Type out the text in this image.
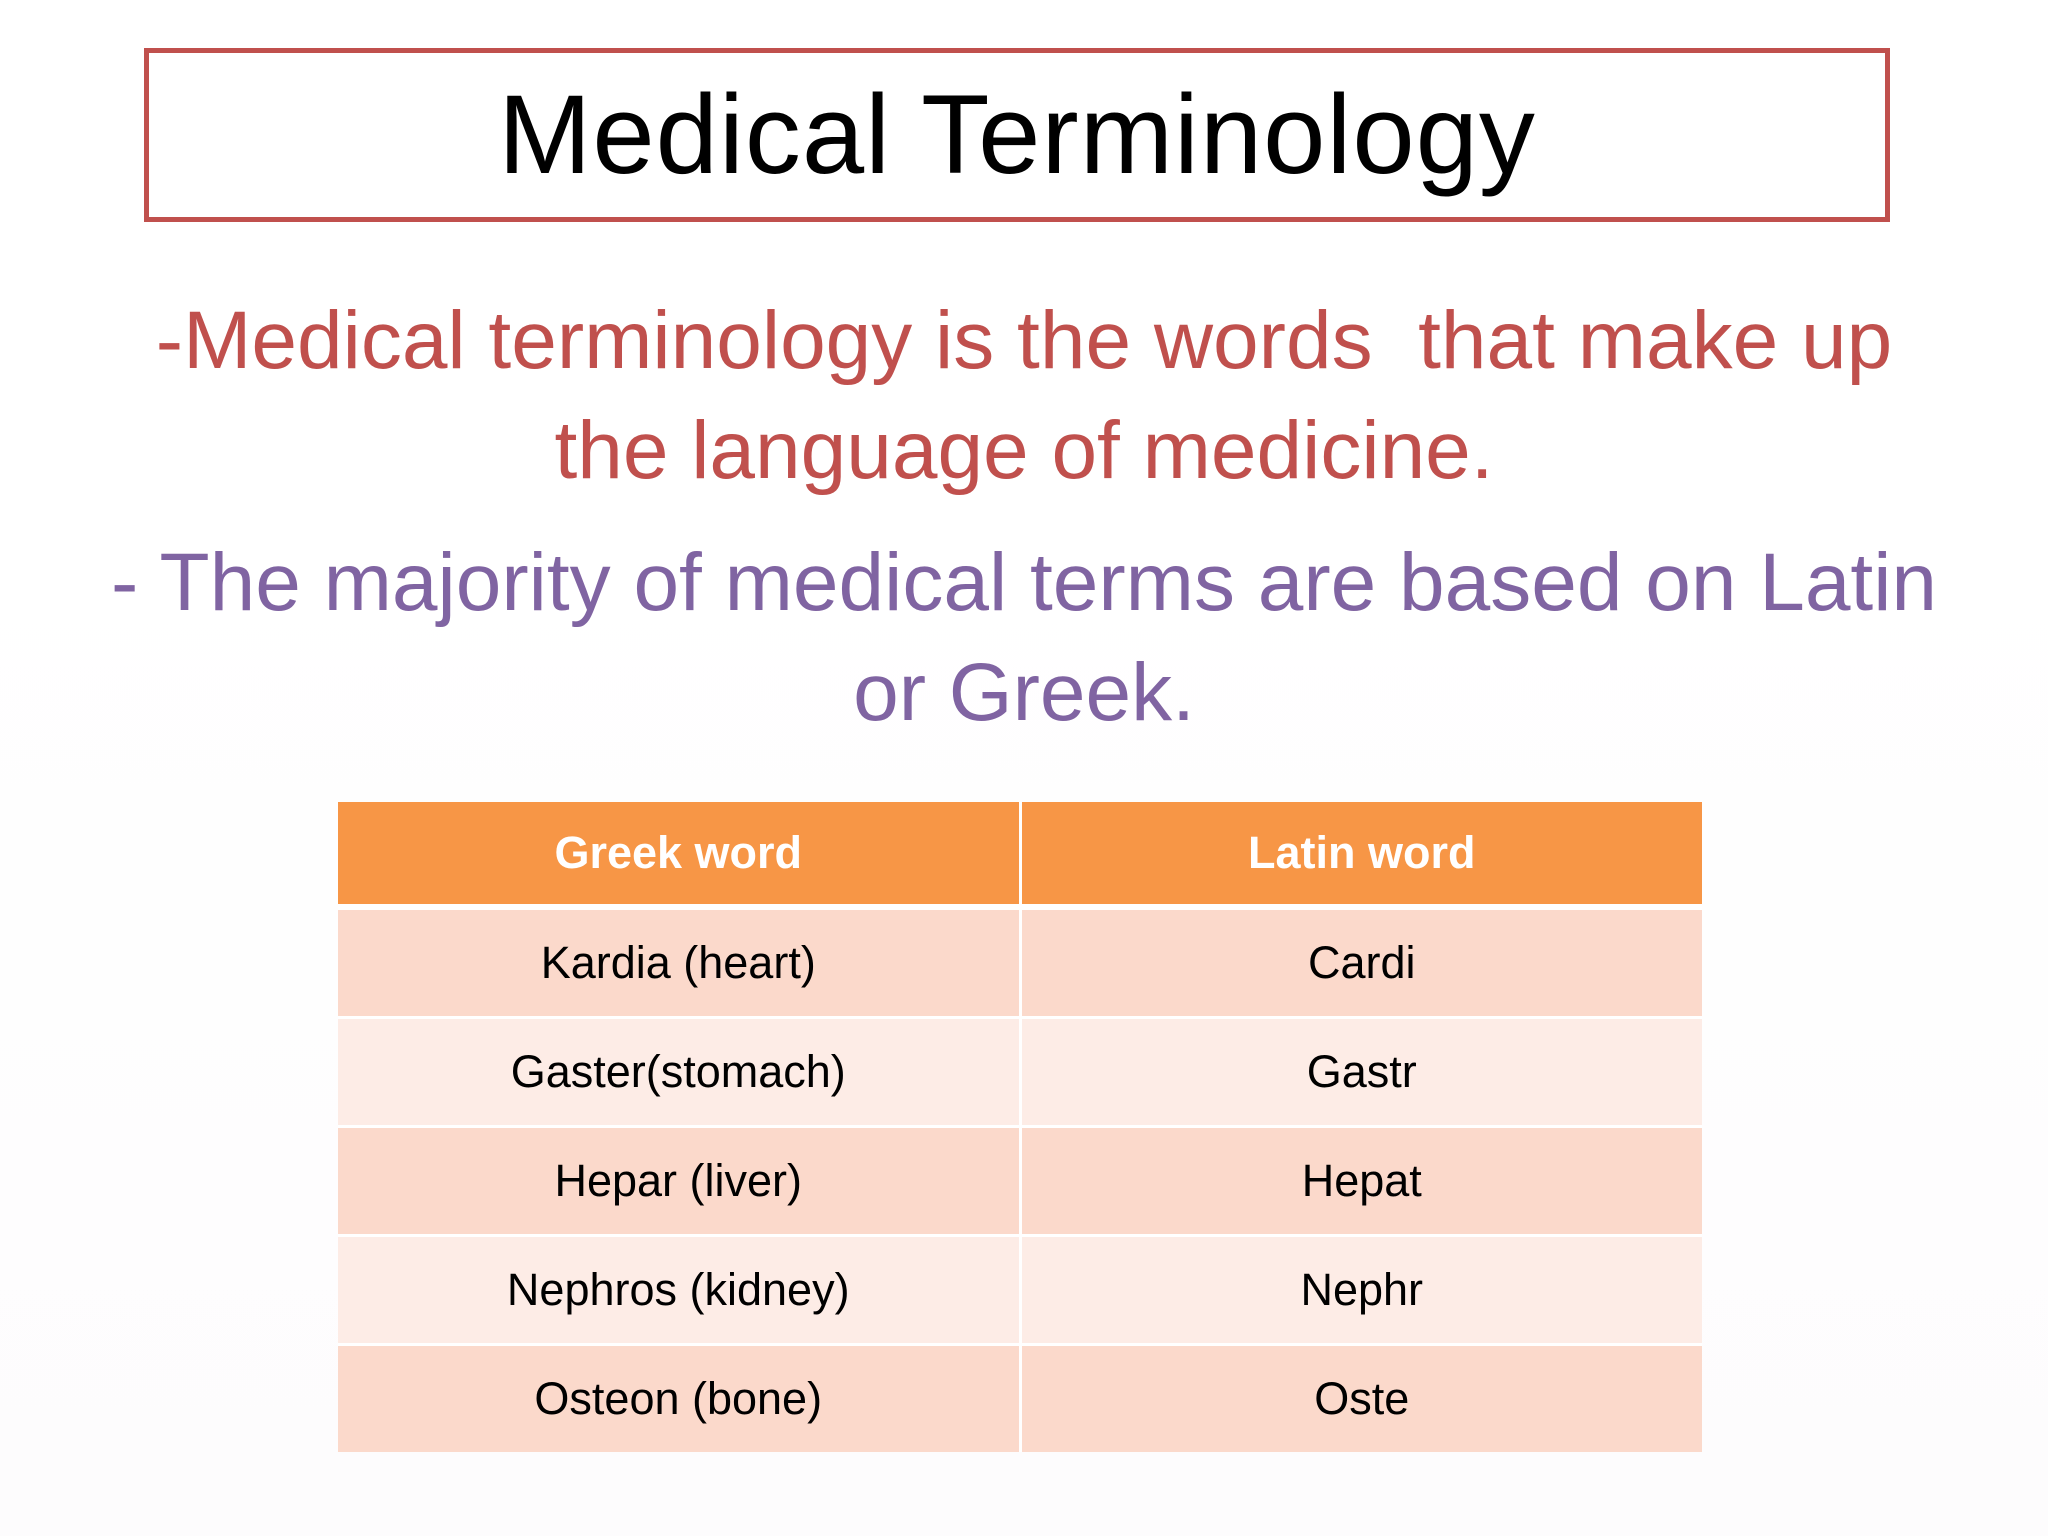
Medical Terminology
-Medical terminology is the words  that make up
the language of medicine.
- The majority of medical terms are based on Latin
or Greek.
Greek word	Latin word
Kardia (heart)	Cardi
Gaster(stomach)	Gastr
Hepar (liver)	Hepat
Nephros (kidney)	Nephr
Osteon (bone)	Oste
